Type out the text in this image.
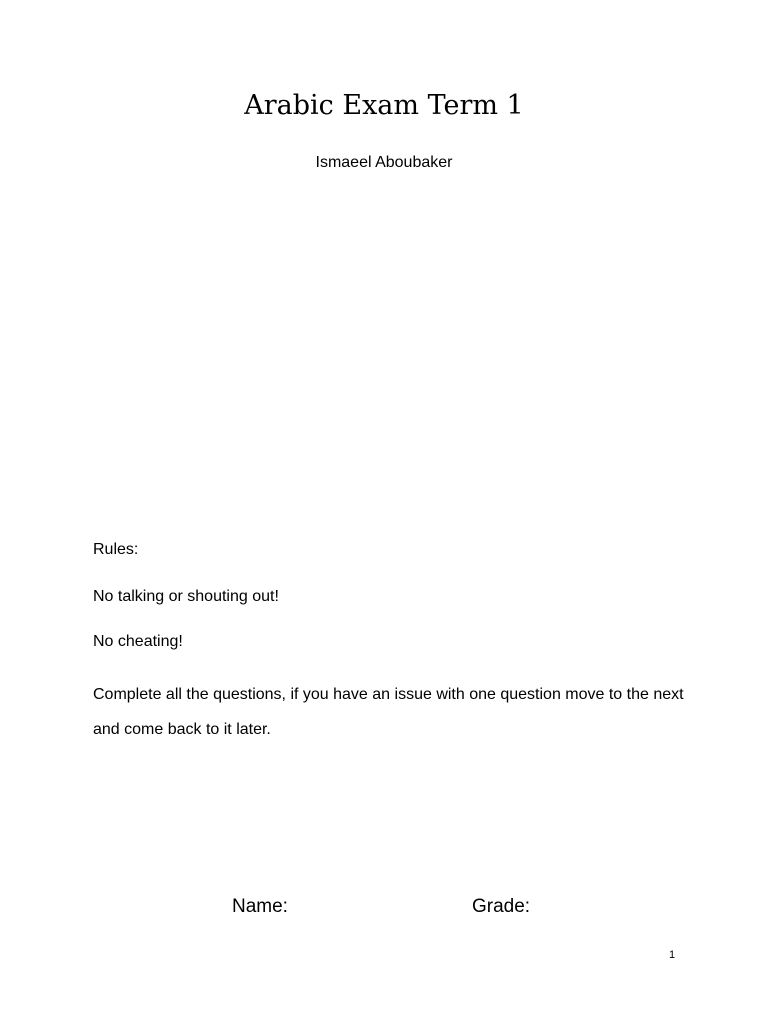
Arabic Exam Term 1
Ismaeel Aboubaker

Rules:

No talking or shouting out!

No cheating!

Complete all the questions, if you have an issue with one question move to the next and come back to it later.

Name:	Grade:
1
